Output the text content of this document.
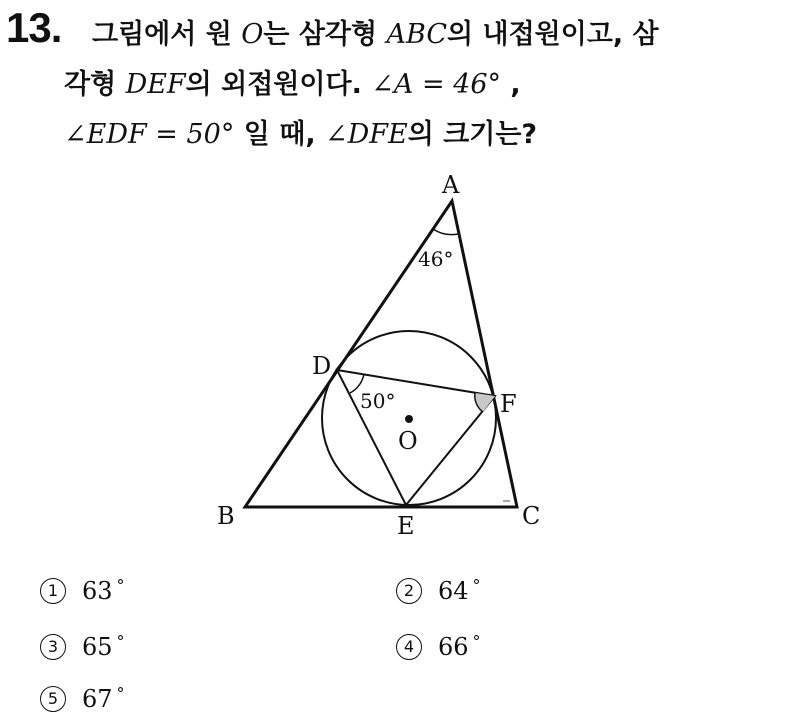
13. 그림에서 원 O는 삼각형 ABC의 내접원이고, 삼
각형 DEF의 외접원이다. ∠A = 46° ,
∠EDF = 50° 일 때, ∠DFE의 크기는?
A
B	C
D
E
F
O
46°
50°
1 63 °	2 64 °
3 65 °	4 66 °
5 67 °
